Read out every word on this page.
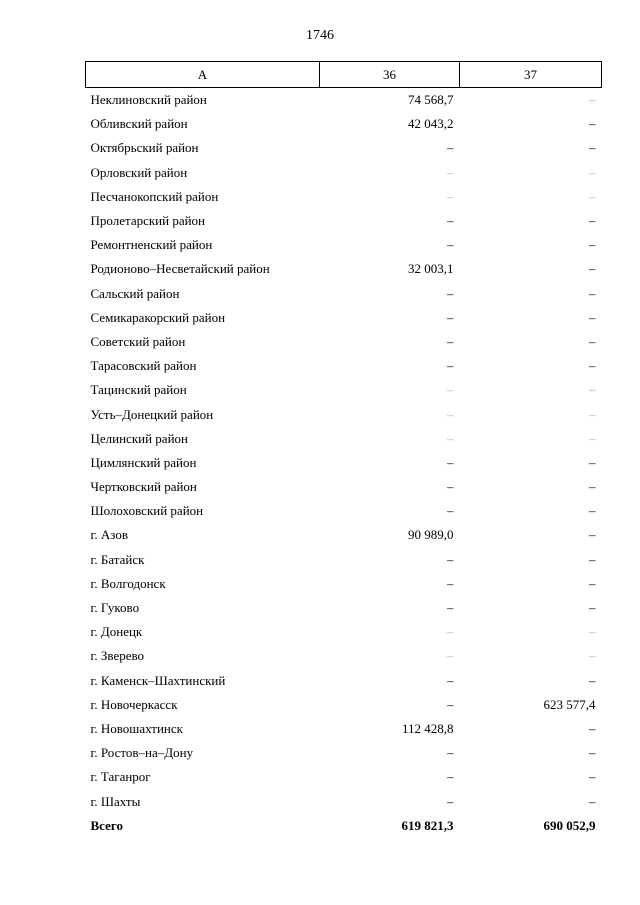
1746
А	36	37
Неклиновский район	74 568,7	–
Обливский район	42 043,2	–
Октябрьский район	–	–
Орловский район	–	–
Песчанокопский район	–	–
Пролетарский район	–	–
Ремонтненский район	–	–
Родионово–Несветайский район	32 003,1	–
Сальский район	–	–
Семикаракорский район	–	–
Советский район	–	–
Тарасовский район	–	–
Тацинский район	–	–
Усть–Донецкий район	–	–
Целинский район	–	–
Цимлянский район	–	–
Чертковский район	–	–
Шолоховский район	–	–
г. Азов	90 989,0	–
г. Батайск	–	–
г. Волгодонск	–	–
г. Гуково	–	–
г. Донецк	–	–
г. Зверево	–	–
г. Каменск–Шахтинский	–	–
г. Новочеркасск	–	623 577,4
г. Новошахтинск	112 428,8	–
г. Ростов–на–Дону	–	–
г. Таганрог	–	–
г. Шахты	–	–
Всего	619 821,3	690 052,9
